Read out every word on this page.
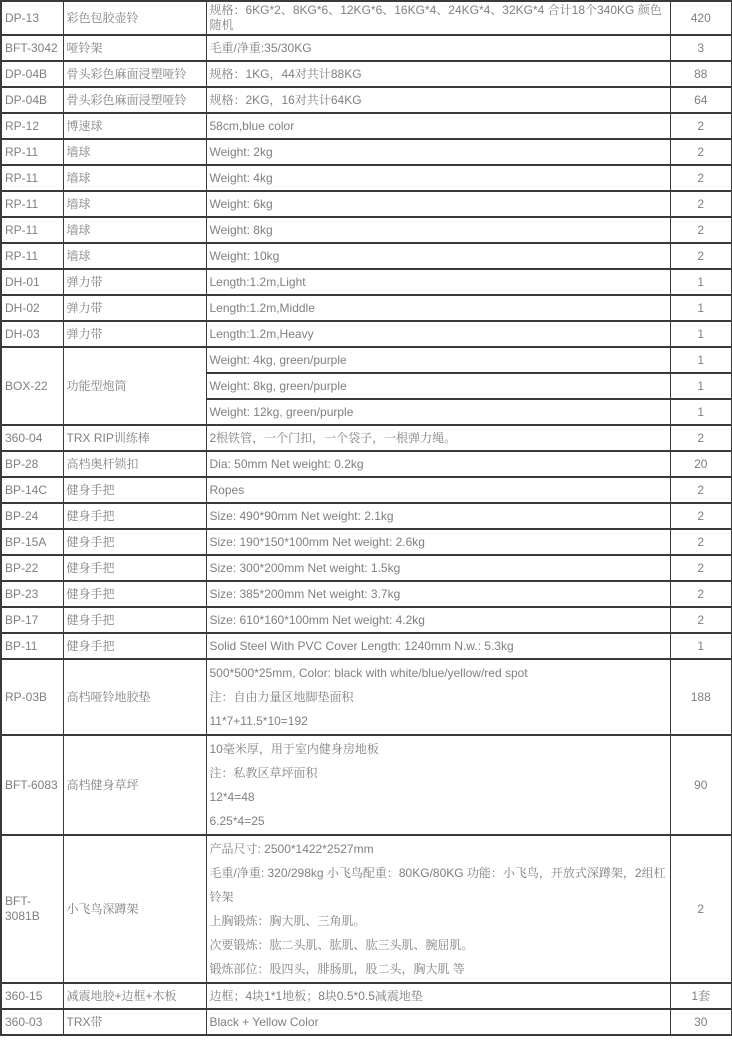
DP-13	彩色包胶壶铃	规格：6KG*2、8KG*6、12KG*6、16KG*4、24KG*4、32KG*4 合计18个340KG 颜色随机	420
BFT-3042	哑铃架	毛重/净重:35/30KG	3
DP-04B	骨头彩色麻面浸塑哑铃	规格：1KG，44对共计88KG	88
DP-04B	骨头彩色麻面浸塑哑铃	规格：2KG，16对共计64KG	64
RP-12	博速球	58cm,blue color	2
RP-11	墙球	Weight: 2kg	2
RP-11	墙球	Weight: 4kg	2
RP-11	墙球	Weight: 6kg	2
RP-11	墙球	Weight: 8kg	2
RP-11	墙球	Weight: 10kg	2
DH-01	弹力带	Length:1.2m,Light	1
DH-02	弹力带	Length:1.2m,Middle	1
DH-03	弹力带	Length:1.2m,Heavy	1
BOX-22	功能型炮筒	Weight: 4kg, green/purple	1

		Weight: 8kg, green/purple	1

		Weight: 12kg, green/purple	1
360-04	TRX RIP训练棒	2根铁管，一个门扣，一个袋子，一根弹力绳。	2
BP-28	高档奥杆锁扣	Dia: 50mm Net weight: 0.2kg	20
BP-14C	健身手把	Ropes	2
BP-24	健身手把	Size: 490*90mm Net weight: 2.1kg	2
BP-15A	健身手把	Size: 190*150*100mm Net weight: 2.6kg	2
BP-22	健身手把	Size: 300*200mm Net weight: 1.5kg	2
BP-23	健身手把	Size: 385*200mm Net weight: 3.7kg	2
BP-17	健身手把	Size: 610*160*100mm Net weight: 4.2kg	2
BP-11	健身手把	Solid Steel With PVC Cover Length: 1240mm N.w.: 5.3kg	1
RP-03B	高档哑铃地胶垫	500*500*25mm, Color: black with white/blue/yellow/red spot
注：自由力量区地脚垫面积
11*7+11.5*10=192	188
BFT-6083	高档健身草坪	10毫米厚，用于室内健身房地板
注：私教区草坪面积
12*4=48
6.25*4=25	90
BFT-3081B	小飞鸟深蹲架	产品尺寸: 2500*1422*2527mm
毛重/净重: 320/298kg 小飞鸟配重：80KG/80KG 功能：小飞鸟，开放式深蹲架，2组杠铃架
上胸锻炼：胸大肌、三角肌。
次要锻炼：肱二头肌、肱肌、肱三头肌、腕屈肌。
锻炼部位：股四头，腓肠肌，股二头，胸大肌 等	2
360-15	减震地胶+边框+木板	边框；4块1*1地板；8块0.5*0.5减震地垫	1套
360-03	TRX带	Black + Yellow Color	30
